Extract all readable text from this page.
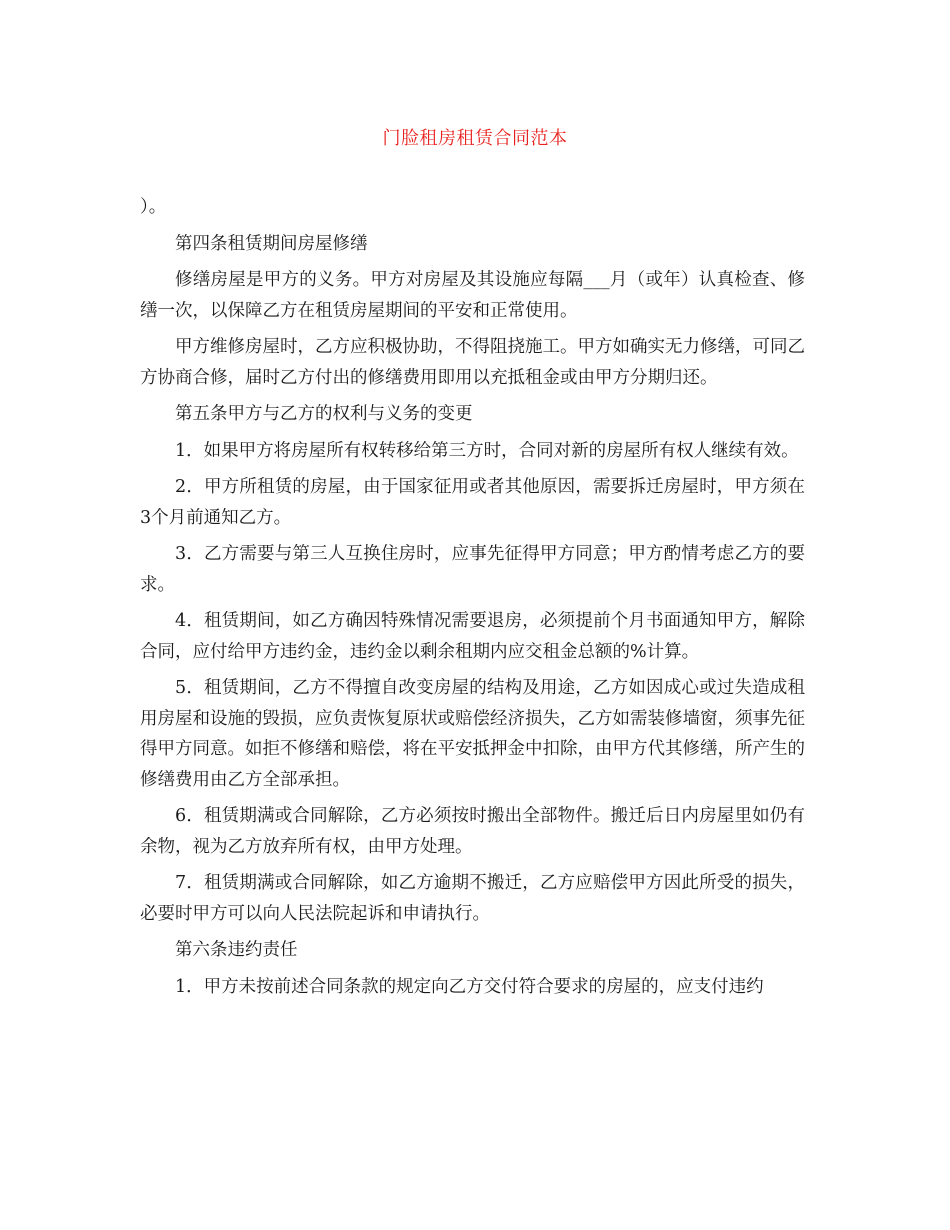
门脸租房租赁合同范本

）。

第四条租赁期间房屋修缮

修缮房屋是甲方的义务。甲方对房屋及其设施应每隔___月（或年）认真检查、修缮一次，以保障乙方在租赁房屋期间的平安和正常使用。

甲方维修房屋时，乙方应积极协助，不得阻挠施工。甲方如确实无力修缮，可同乙方协商合修，届时乙方付出的修缮费用即用以充抵租金或由甲方分期归还。

第五条甲方与乙方的权利与义务的变更

1．如果甲方将房屋所有权转移给第三方时，合同对新的房屋所有权人继续有效。

2．甲方所租赁的房屋，由于国家征用或者其他原因，需要拆迁房屋时，甲方须在3个月前通知乙方。

3．乙方需要与第三人互换住房时，应事先征得甲方同意；甲方酌情考虑乙方的要求。

4．租赁期间，如乙方确因特殊情况需要退房，必须提前个月书面通知甲方，解除合同，应付给甲方违约金，违约金以剩余租期内应交租金总额的%计算。

5．租赁期间，乙方不得擅自改变房屋的结构及用途，乙方如因成心或过失造成租用房屋和设施的毁损，应负责恢复原状或赔偿经济损失，乙方如需装修墙窗，须事先征得甲方同意。如拒不修缮和赔偿，将在平安抵押金中扣除，由甲方代其修缮，所产生的修缮费用由乙方全部承担。

6．租赁期满或合同解除，乙方必须按时搬出全部物件。搬迁后日内房屋里如仍有余物，视为乙方放弃所有权，由甲方处理。

7．租赁期满或合同解除，如乙方逾期不搬迁，乙方应赔偿甲方因此所受的损失，必要时甲方可以向人民法院起诉和申请执行。

第六条违约责任

1．甲方未按前述合同条款的规定向乙方交付符合要求的房屋的，应支付违约
